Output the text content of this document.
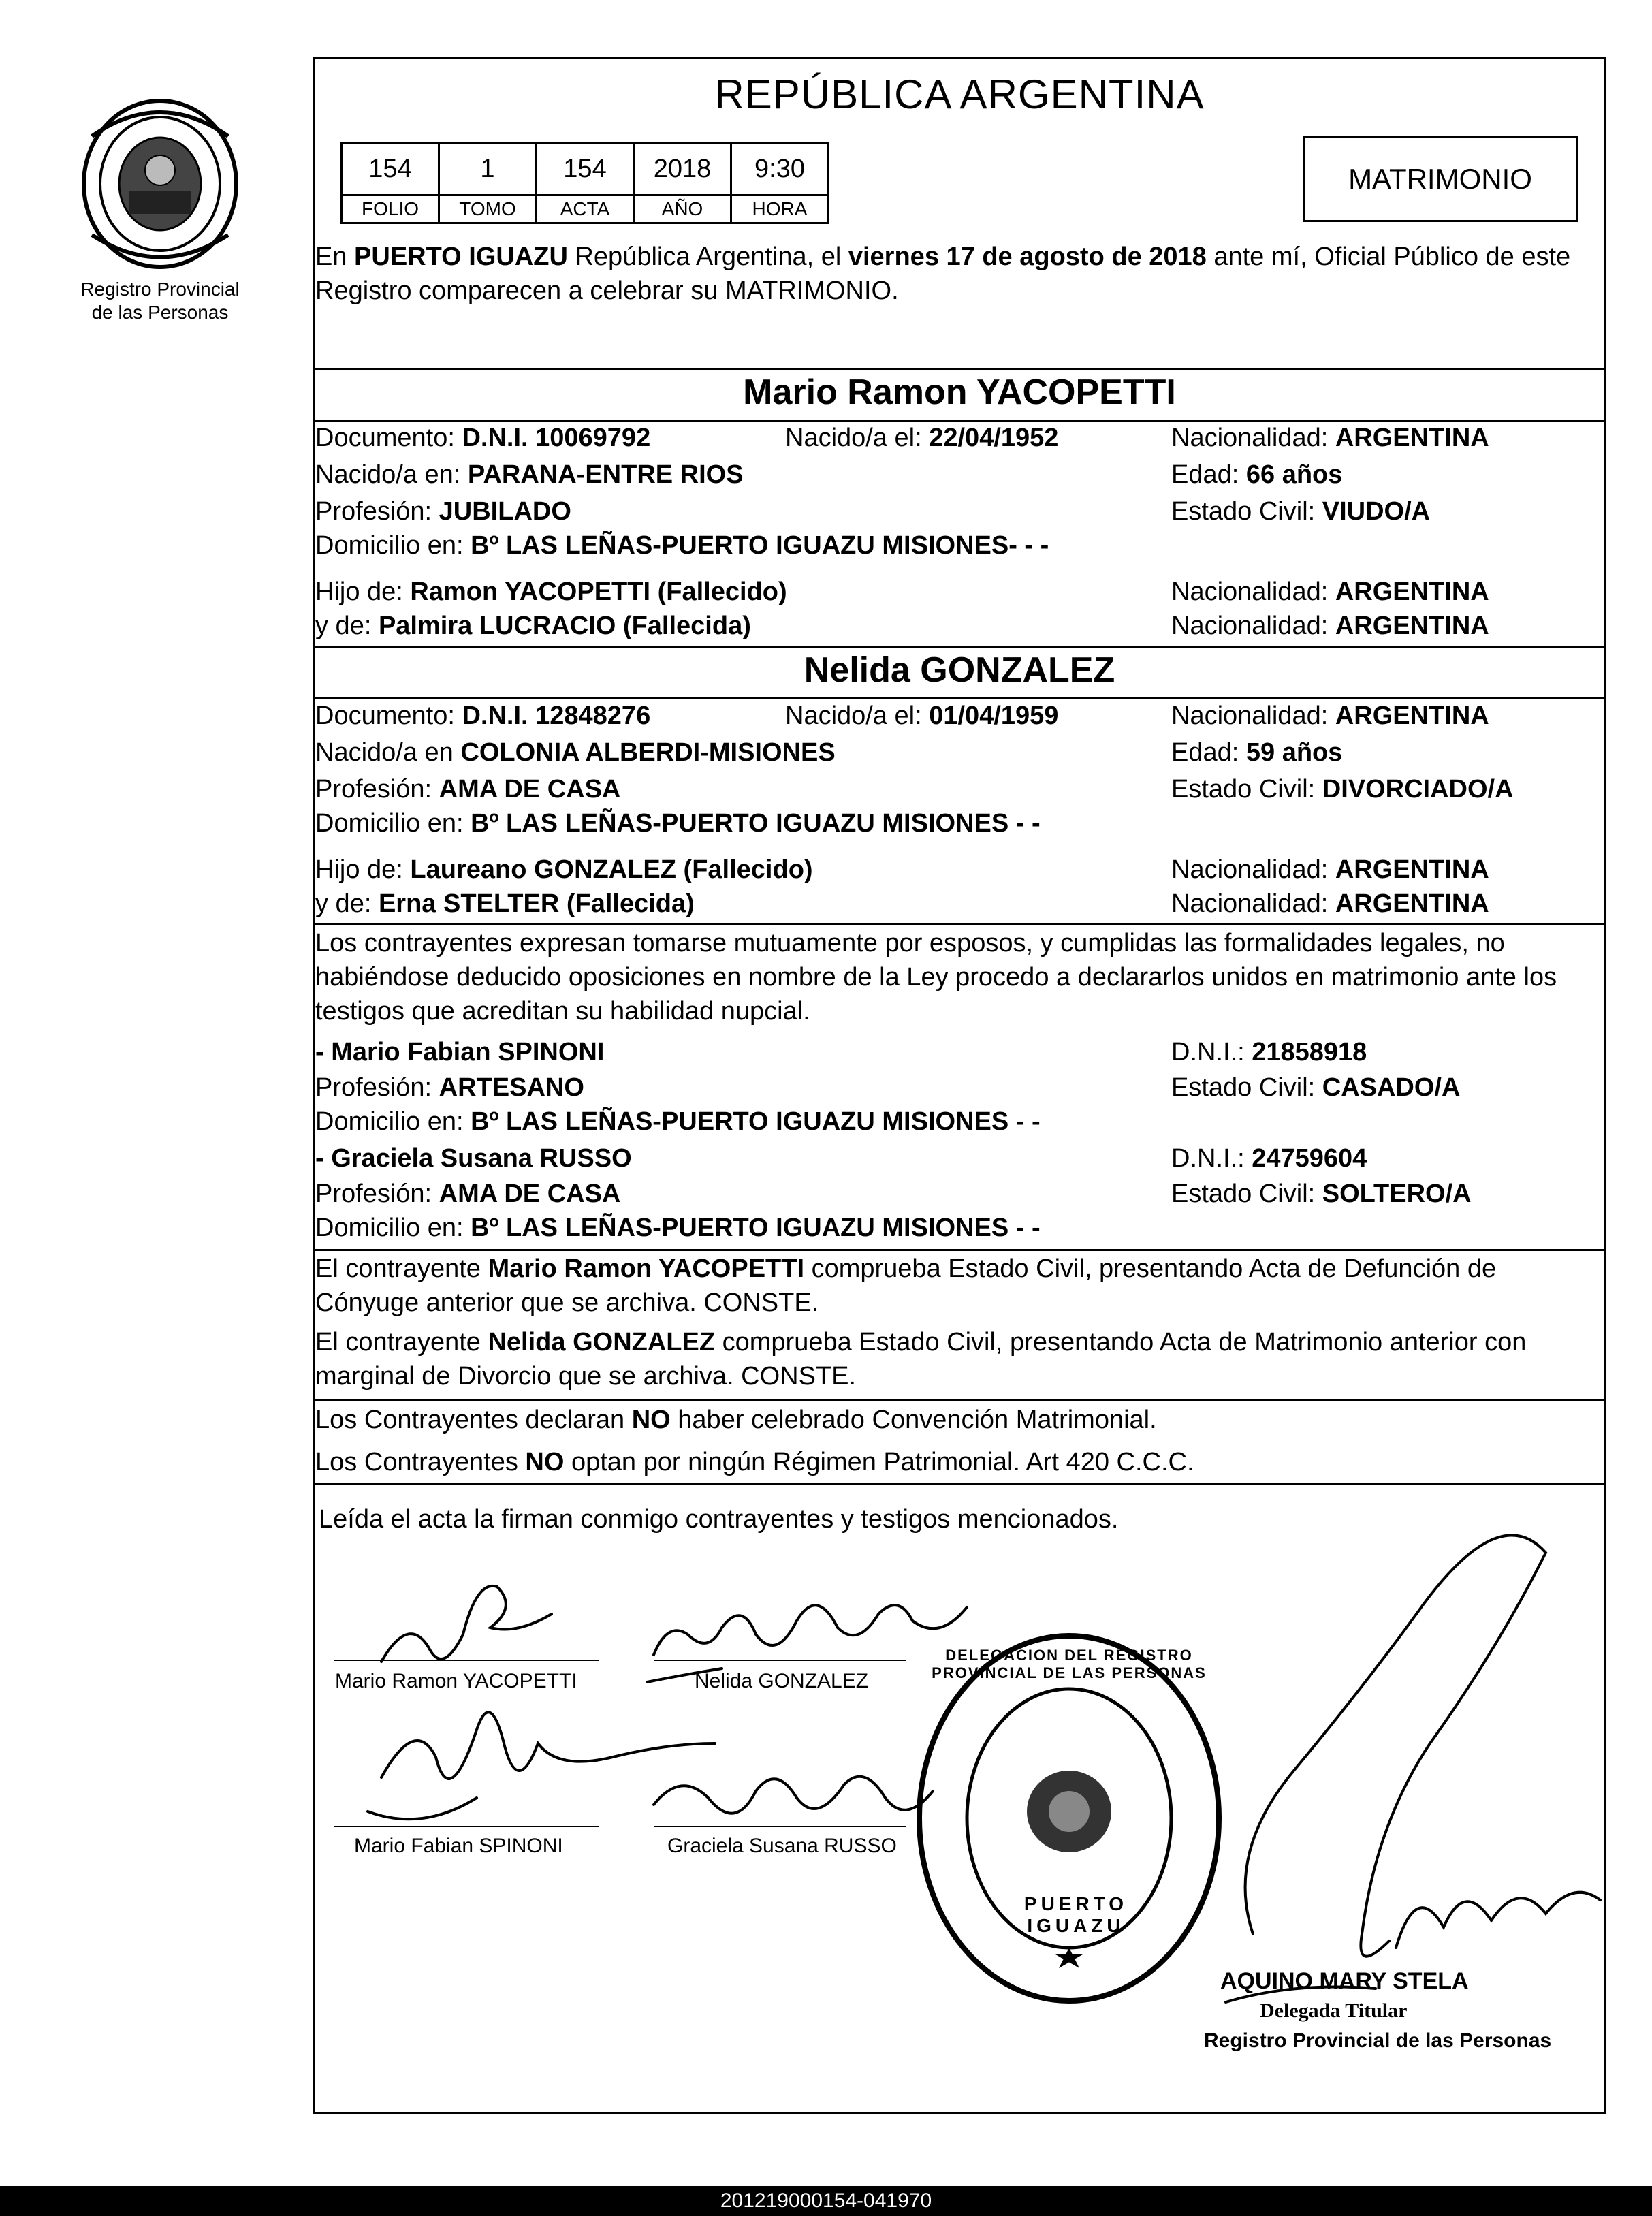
Registro Provincial
de las Personas
REPÚBLICA ARGENTINA
154	1	154	2018	9:30
FOLIO	TOMO	ACTA	AÑO	HORA
MATRIMONIO
En PUERTO IGUAZU República Argentina, el viernes 17 de agosto de 2018 ante mí, Oficial Público de este Registro comparecen a celebrar su MATRIMONIO.
Mario Ramon YACOPETTI
Documento: D.N.I. 10069792	Nacido/a el: 22/04/1952	Nacionalidad: ARGENTINA
Nacido/a en: PARANA-ENTRE RIOS	Edad: 66 años
Profesión: JUBILADO	Estado Civil: VIUDO/A
Domicilio en: Bº LAS LEÑAS-PUERTO IGUAZU MISIONES- - -
Hijo de: Ramon YACOPETTI (Fallecido)	Nacionalidad: ARGENTINA
y de: Palmira LUCRACIO (Fallecida)	Nacionalidad: ARGENTINA
Nelida GONZALEZ
Documento: D.N.I. 12848276	Nacido/a el: 01/04/1959	Nacionalidad: ARGENTINA
Nacido/a en COLONIA ALBERDI-MISIONES	Edad: 59 años
Profesión: AMA DE CASA	Estado Civil: DIVORCIADO/A
Domicilio en: Bº LAS LEÑAS-PUERTO IGUAZU MISIONES - -
Hijo de: Laureano GONZALEZ (Fallecido)	Nacionalidad: ARGENTINA
y de: Erna STELTER (Fallecida)	Nacionalidad: ARGENTINA
Los contrayentes expresan tomarse mutuamente por esposos, y cumplidas las formalidades legales, no habiéndose deducido oposiciones en nombre de la Ley procedo a declararlos unidos en matrimonio ante los testigos que acreditan su habilidad nupcial.
- Mario Fabian SPINONI	D.N.I.: 21858918
Profesión: ARTESANO	Estado Civil: CASADO/A
Domicilio en: Bº LAS LEÑAS-PUERTO IGUAZU MISIONES - -
- Graciela Susana RUSSO	D.N.I.: 24759604
Profesión: AMA DE CASA	Estado Civil: SOLTERO/A
Domicilio en: Bº LAS LEÑAS-PUERTO IGUAZU MISIONES - -
El contrayente Mario Ramon YACOPETTI comprueba Estado Civil, presentando Acta de Defunción de Cónyuge anterior que se archiva. CONSTE.
El contrayente Nelida GONZALEZ comprueba Estado Civil, presentando Acta de Matrimonio anterior con marginal de Divorcio que se archiva. CONSTE.
Los Contrayentes declaran NO haber celebrado Convención Matrimonial.
Los Contrayentes NO optan por ningún Régimen Patrimonial. Art 420 C.C.C.
Leída el acta la firman conmigo contrayentes y testigos mencionados.
Mario Ramon YACOPETTI	Nelida GONZALEZ
Mario Fabian SPINONI	Graciela Susana RUSSO
DELEGACION DEL REGISTRO PROVINCIAL DE LAS PERSONAS
PUERTO IGUAZU
AQUINO MARY STELA
Delegada Titular
Registro Provincial de las Personas
201219000154-041970
